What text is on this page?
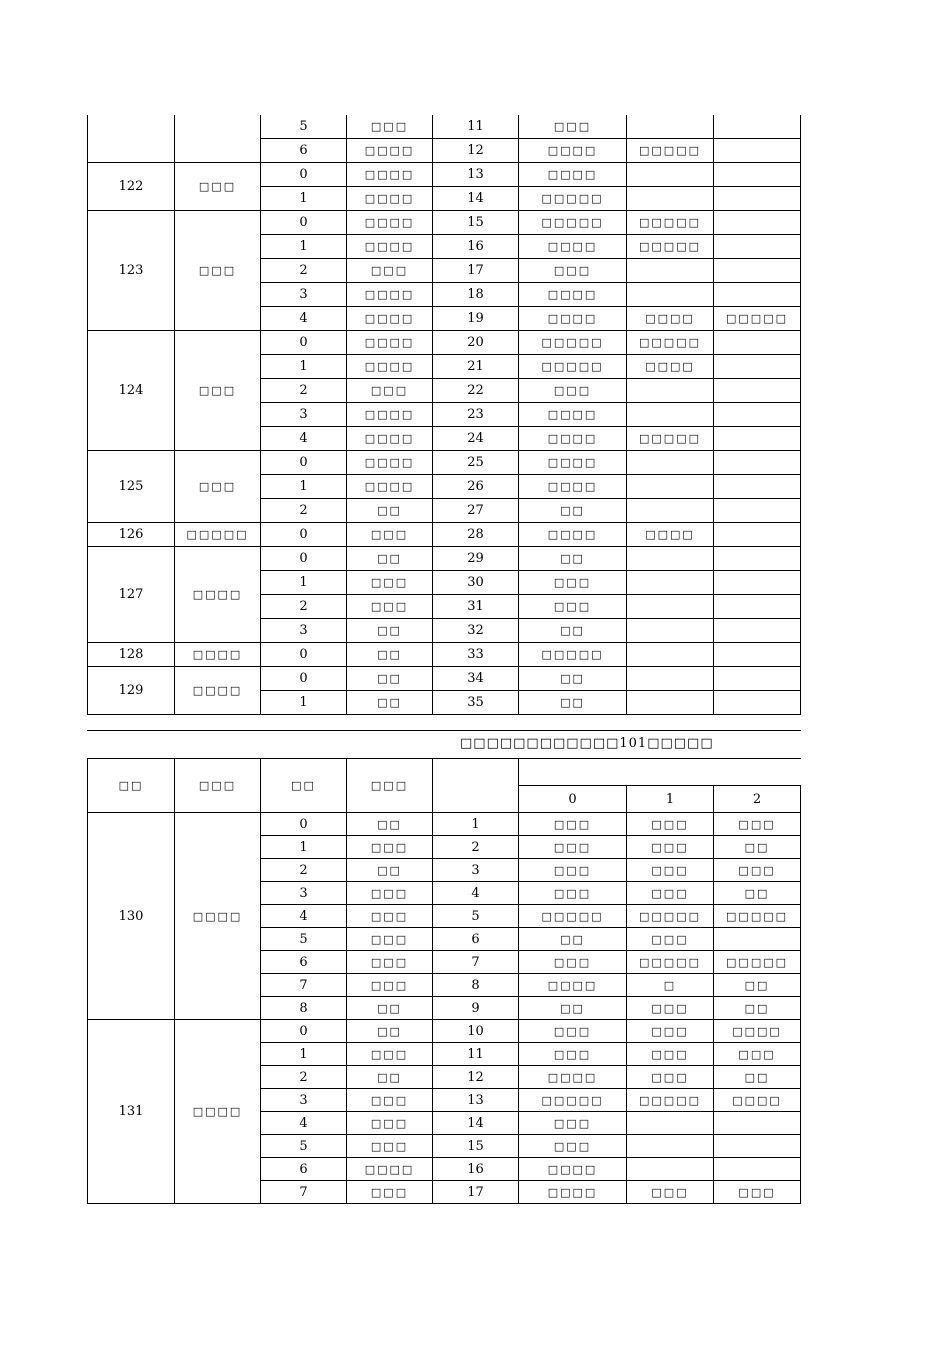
		5	□□□	11	□□□		
		6	□□□□	12	□□□□	□□□□□	
122	□□□	0	□□□□	13	□□□□		
		1	□□□□	14	□□□□□		
123	□□□	0	□□□□	15	□□□□□	□□□□□	
		1	□□□□	16	□□□□	□□□□□	
		2	□□□	17	□□□		
		3	□□□□	18	□□□□		
		4	□□□□	19	□□□□	□□□□	□□□□□
124	□□□	0	□□□□	20	□□□□□	□□□□□	
		1	□□□□	21	□□□□□	□□□□	
		2	□□□	22	□□□		
		3	□□□□	23	□□□□		
		4	□□□□	24	□□□□	□□□□□	
125	□□□	0	□□□□	25	□□□□		
		1	□□□□	26	□□□□		
		2	□□	27	□□		
126	□□□□□	0	□□□	28	□□□□	□□□□	
127	□□□□	0	□□	29	□□		
		1	□□□	30	□□□		
		2	□□□	31	□□□		
		3	□□	32	□□		
128	□□□□	0	□□	33	□□□□□		
129	□□□□	0	□□	34	□□		
		1	□□	35	□□		
□□□□□□□□□□□□101□□□□□
□□	□□□	□□	□□□				
					0	1	2
130	□□□□	0	□□	1	□□□	□□□	□□□
		1	□□□	2	□□□	□□□	□□
		2	□□	3	□□□	□□□	□□□
		3	□□□	4	□□□	□□□	□□
		4	□□□	5	□□□□□	□□□□□	□□□□□
		5	□□□	6	□□	□□□	
		6	□□□	7	□□□	□□□□□	□□□□□
		7	□□□	8	□□□□	□	□□
		8	□□	9	□□	□□□	□□
131	□□□□	0	□□	10	□□□	□□□	□□□□
		1	□□□	11	□□□	□□□	□□□
		2	□□	12	□□□□	□□□	□□
		3	□□□	13	□□□□□	□□□□□	□□□□
		4	□□□	14	□□□		
		5	□□□	15	□□□		
		6	□□□□	16	□□□□		
		7	□□□	17	□□□□	□□□	□□□
